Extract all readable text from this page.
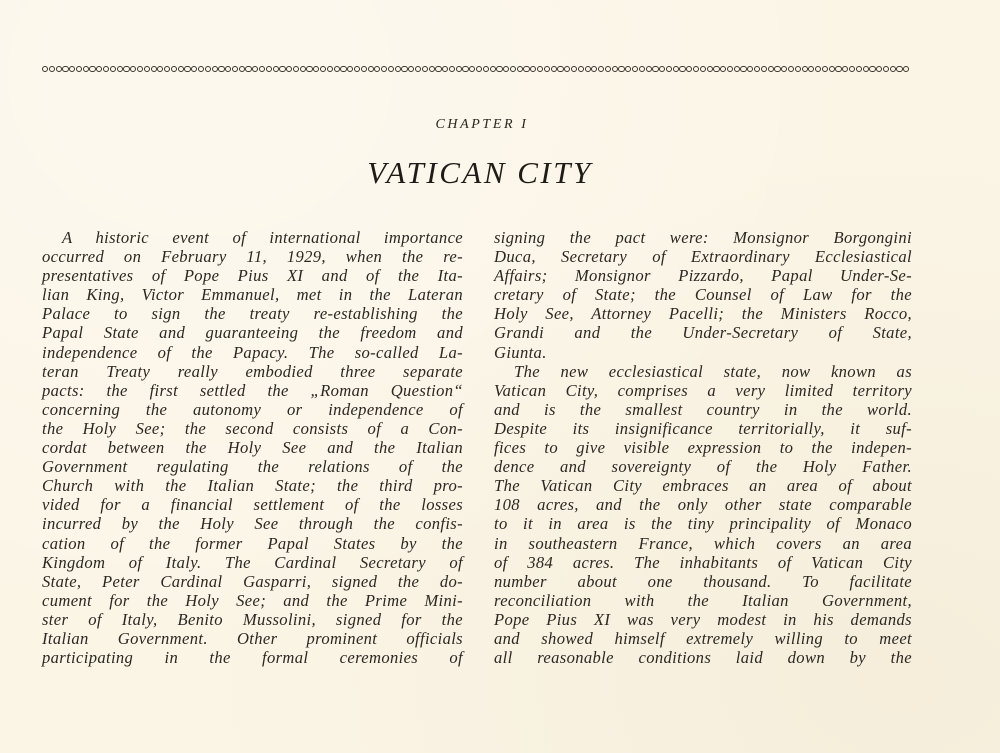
CHAPTER I
VATICAN CITY
A historic event of international importance
occurred on February 11, 1929, when the re-
presentatives of Pope Pius XI and of the Ita-
lian King, Victor Emmanuel, met in the Lateran
Palace to sign the treaty re-establishing the
Papal State and guaranteeing the freedom and
independence of the Papacy. The so-called La-
teran Treaty really embodied three separate
pacts: the first settled the „Roman Question“
concerning the autonomy or independence of
the Holy See; the second consists of a Con-
cordat between the Holy See and the Italian
Government regulating the relations of the
Church with the Italian State; the third pro-
vided for a financial settlement of the losses
incurred by the Holy See through the confis-
cation of the former Papal States by the
Kingdom of Italy. The Cardinal Secretary of
State, Peter Cardinal Gasparri, signed the do-
cument for the Holy See; and the Prime Mini-
ster of Italy, Benito Mussolini, signed for the
Italian Government. Other prominent officials
participating in the formal ceremonies of
signing the pact were: Monsignor Borgongini
Duca, Secretary of Extraordinary Ecclesiastical
Affairs; Monsignor Pizzardo, Papal Under-Se-
cretary of State; the Counsel of Law for the
Holy See, Attorney Pacelli; the Ministers Rocco,
Grandi and the Under-Secretary of State,
Giunta.
The new ecclesiastical state, now known as
Vatican City, comprises a very limited territory
and is the smallest country in the world.
Despite its insignificance territorially, it suf-
fices to give visible expression to the indepen-
dence and sovereignty of the Holy Father.
The Vatican City embraces an area of about
108 acres, and the only other state comparable
to it in area is the tiny principality of Monaco
in southeastern France, which covers an area
of 384 acres. The inhabitants of Vatican City
number about one thousand. To facilitate
reconciliation with the Italian Government,
Pope Pius XI was very modest in his demands
and showed himself extremely willing to meet
all reasonable conditions laid down by the
